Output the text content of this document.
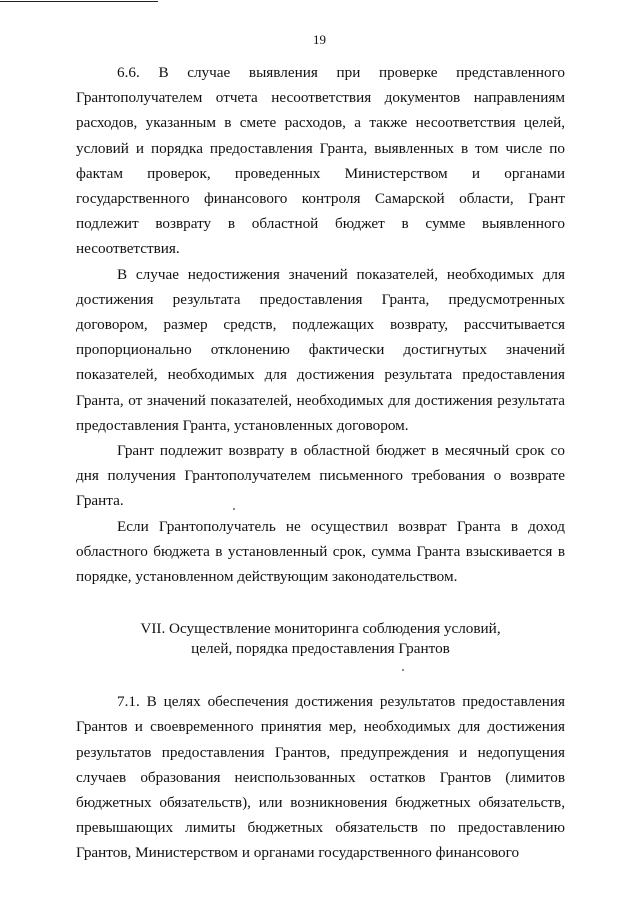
19

6.6. В случае выявления при проверке представленного Грантополучателем отчета несоответствия документов направлениям расходов, указанным в смете расходов, а также несоответствия целей, условий и порядка предоставления Гранта, выявленных в том числе по фактам проверок, проведенных Министерством и органами государственного финансового контроля Самарской области, Грант подлежит возврату в областной бюджет в сумме выявленного несоответствия.

В случае недостижения значений показателей, необходимых для достижения результата предоставления Гранта, предусмотренных договором, размер средств, подлежащих возврату, рассчитывается пропорционально отклонению фактически достигнутых значений показателей, необходимых для достижения результата предоставления Гранта, от значений показателей, необходимых для достижения результата предоставления Гранта, установленных договором.

Грант подлежит возврату в областной бюджет в месячный срок со дня получения Грантополучателем письменного требования о возврате Гранта.

Если Грантополучатель не осуществил возврат Гранта в доход областного бюджета в установленный срок, сумма Гранта взыскивается в порядке, установленном действующим законодательством.

VII. Осуществление мониторинга соблюдения условий,
целей, порядка предоставления Грантов

7.1. В целях обеспечения достижения результатов предоставления Грантов и своевременного принятия мер, необходимых для достижения результатов предоставления Грантов, предупреждения и недопущения случаев образования неиспользованных остатков Грантов (лимитов бюджетных обязательств), или возникновения бюджетных обязательств, превышающих лимиты бюджетных обязательств по предоставлению Грантов, Министерством и органами государственного финансового
